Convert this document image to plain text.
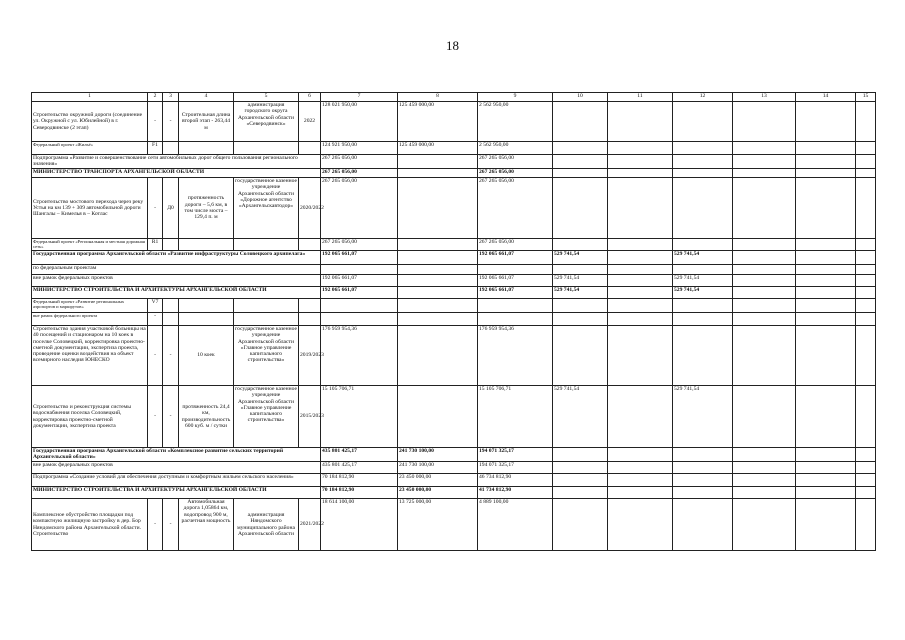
18
1	2	3	4	5	6	7	8	9	10	11	12	13	14	15
Строительство окружной дороги (соединение ул. Окружной с ул. Юбилейной) в г. Северодвинске (2 этап)	-	-	Строительная длина второй этап - 263,44 м	администрация городского округа Архангельской области «Северодвинск»	2022	128 021 950,00	125 459 000,00	2 562 950,00						
Федеральный проект «Жильё»	F1					124 921 950,00	125 459 000,00	2 562 950,00						
Подпрограмма «Развитие и совершенствование сети автомобильных дорог общего пользования регионального значения»						267 265 056,00		267 265 056,00						
МИНИСТЕРСТВО ТРАНСПОРТА АРХАНГЕЛЬСКОЙ ОБЛАСТИ						267 265 056,00		267 265 056,00						
Строительство мостового перехода через реку Устья на км 139 + 309 автомобильной дороги Шангалы – Кимелья в – Котлас	-	Д0	протяженность дороги – 5,6 км, в том числе моста – 129,4 п. м	государственное казенное учреждение Архангельской области «Дорожное агентство «Архангельскавтодор»	2020/2022	267 265 056,00		267 265 056,00						
Федеральный проект «Региональная и местная дорожная сеть»	R1					267 265 056,00		267 265 056,00						
Государственная программа Архангельской области «Развитие инфраструктуры Соловецкого архипелага»						192 065 661,07		192 065 661,07	529 741,54		529 741,54			
по федеральным проектам														
вне рамок федеральных проектов						192 065 661,07		192 065 661,07	529 741,54		529 741,54			
МИНИСТЕРСТВО СТРОИТЕЛЬСТВА И АРХИТЕКТУРЫ АРХАНГЕЛЬСКОЙ ОБЛАСТИ						192 065 661,07		192 065 661,07	529 741,54		529 741,54			
Федеральный проект «Развитие региональных аэропортов и маршрутов»	V7													
вне рамок федерального проекта	-													
Строительство здания участковой больницы на 40 посещений и стационаром на 10 коек в поселке Соловецкий, корректировка проектно-сметной документации, экспертиза проекта, проведение оценки воздействия на объект всемирного наследия ЮНЕСКО	-	-	10 коек	государственное казенное учреждение Архангельской области «Главное управление капитального строительства»	2019/2023	176 959 954,36		176 959 954,36						
Строительство и реконструкция системы водоснабжения поселка Соловецкий, корректировка проектно-сметной документации, экспертиза проекта	-	-	протяженность 24,4 км, производительность 600 куб. м / сутки	государственное казенное учреждение Архангельской области «Главное управление капитального строительства»	2015/2023	15 105 706,71		15 105 706,71	529 741,54		529 741,54			
Государственная программа Архангельской области «Комплексное развитие сельских территорий Архангельской области»						435 801 425,17	241 730 100,00	194 071 325,17						
вне рамок федеральных проектов						435 801 425,17	241 730 100,00	194 071 325,17						
Подпрограмма «Создание условий для обеспечения доступным и комфортным жильем сельского населения»						70 184 812,90	23 450 000,00	46 734 812,90						
МИНИСТЕРСТВО СТРОИТЕЛЬСТВА И АРХИТЕКТУРЫ АРХАНГЕЛЬСКОЙ ОБЛАСТИ						70 184 812,90	23 450 000,00	41 734 812,90						
Комплексное обустройство площадки под компактную жилищную застройку в дер. Бор Няндомского района Архангельской области. Строительство	-	-	Автомобильная дорога 1,05864 км, водопровод 900 м, расчетная мощность	администрация Няндомского муниципального района Архангельской области	2021/2022	18 614 100,00	13 725 000,00	4 889 100,00						
